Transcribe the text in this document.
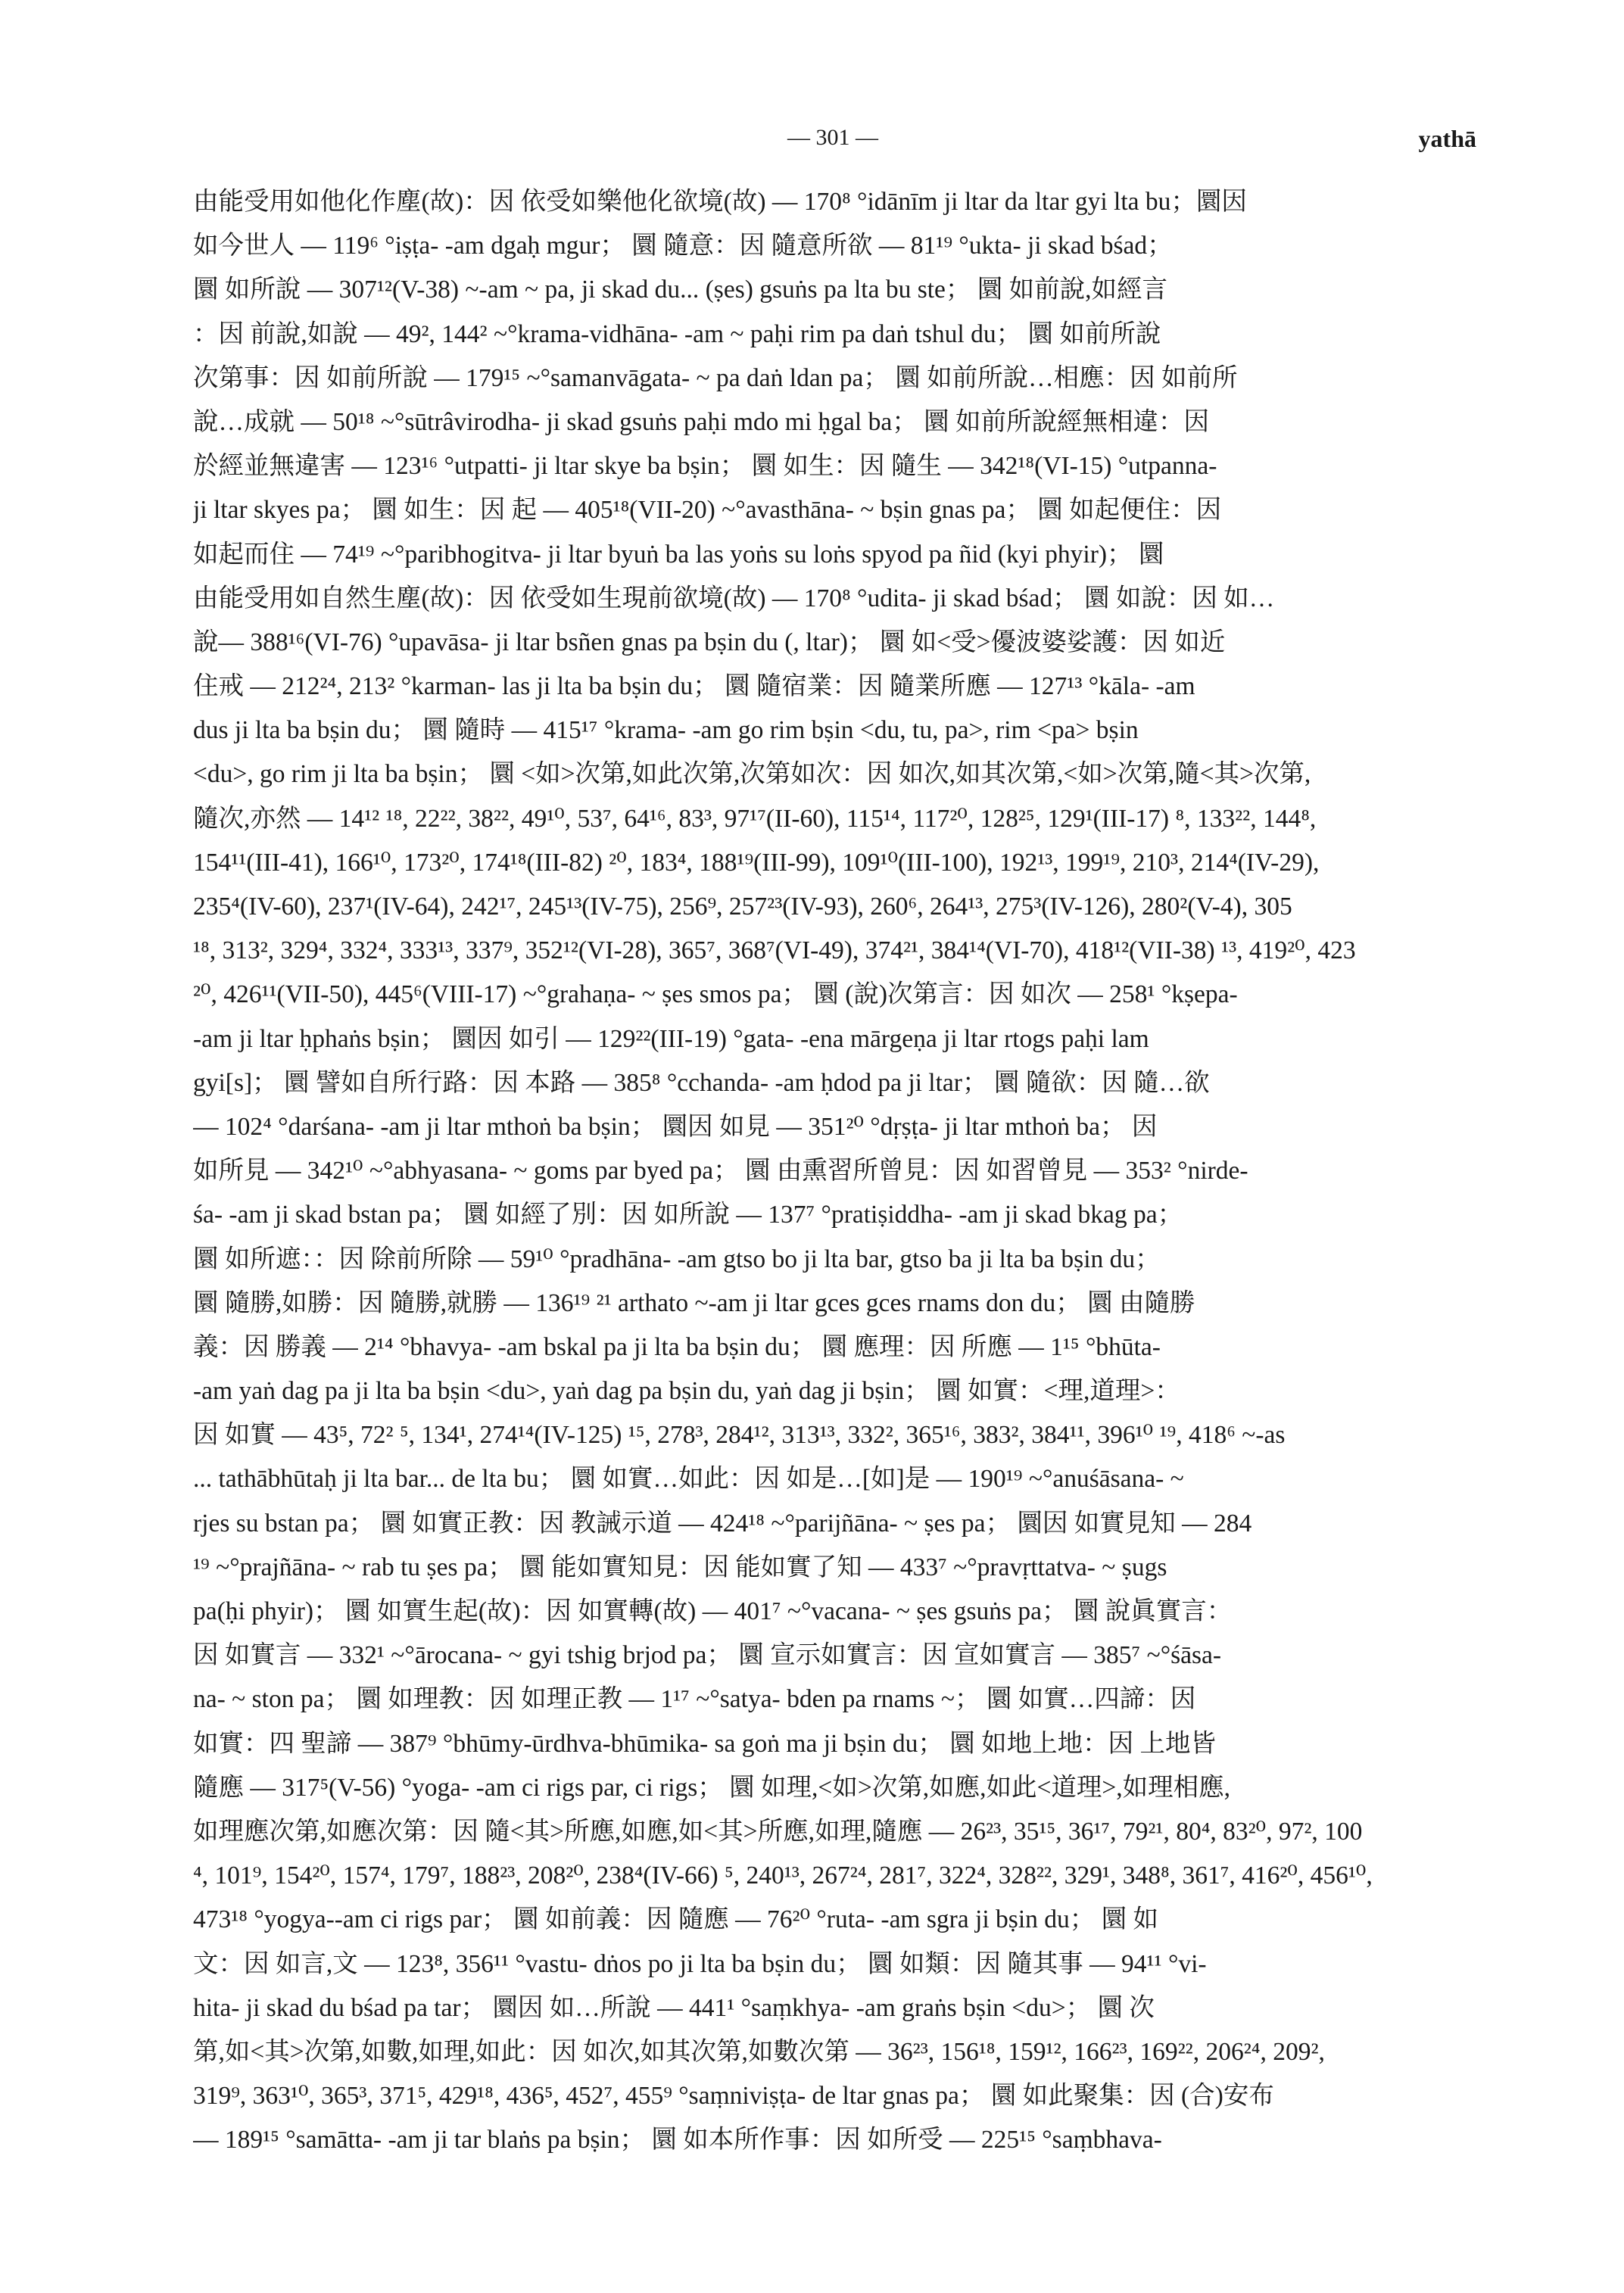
— 301 —	yathā
由能受用如他化作塵(故)：因 依受如樂他化欲境(故) — 170⁸ °idānīm ji ltar da ltar gyi lta bu；圜因
如今世人 — 119⁶ °iṣṭa- -am dgaḥ mgur； 圜 隨意：因 隨意所欲 — 81¹⁹ °ukta- ji skad bśad；
圜 如所說 — 307¹²(V-38) ~-am ~ pa, ji skad du... (ṣes) gsuṅs pa lta bu ste； 圜 如前說,如經言
：因 前說,如說 — 49², 144² ~°krama-vidhāna- -am ~ paḥi rim pa daṅ tshul du； 圜 如前所說
次第事：因 如前所說 — 179¹⁵ ~°samanvāgata- ~ pa daṅ ldan pa； 圜 如前所說…相應：因 如前所
說…成就 — 50¹⁸ ~°sūtrâvirodha- ji skad gsuṅs paḥi mdo mi ḥgal ba； 圜 如前所說經無相違：因
於經並無違害 — 123¹⁶ °utpatti- ji ltar skye ba bṣin； 圜 如生：因 隨生 — 342¹⁸(VI-15) °utpanna-
ji ltar skyes pa； 圜 如生：因 起 — 405¹⁸(VII-20) ~°avasthāna- ~ bṣin gnas pa； 圜 如起便住：因
如起而住 — 74¹⁹ ~°paribhogitva- ji ltar byuṅ ba las yoṅs su loṅs spyod pa ñid (kyi phyir)； 圜
由能受用如自然生塵(故)：因 依受如生現前欲境(故) — 170⁸ °udita- ji skad bśad； 圜 如說：因 如…
說— 388¹⁶(VI-76) °upavāsa- ji ltar bsñen gnas pa bṣin du (, ltar)； 圜 如<受>優波婆娑護：因 如近
住戒 — 212²⁴, 213² °karman- las ji lta ba bṣin du； 圜 隨宿業：因 隨業所應 — 127¹³ °kāla- -am
dus ji lta ba bṣin du； 圜 隨時 — 415¹⁷ °krama- -am go rim bṣin <du, tu, pa>, rim <pa> bṣin
<du>, go rim ji lta ba bṣin； 圜 <如>次第,如此次第,次第如次：因 如次,如其次第,<如>次第,隨<其>次第,
隨次,亦然 — 14¹² ¹⁸, 22²², 38²², 49¹⁰, 53⁷, 64¹⁶, 83³, 97¹⁷(II-60), 115¹⁴, 117²⁰, 128²⁵, 129¹(III-17) ⁸, 133²², 144⁸,
154¹¹(III-41), 166¹⁰, 173²⁰, 174¹⁸(III-82) ²⁰, 183⁴, 188¹⁹(III-99), 109¹⁰(III-100), 192¹³, 199¹⁹, 210³, 214⁴(IV-29),
235⁴(IV-60), 237¹(IV-64), 242¹⁷, 245¹³(IV-75), 256⁹, 257²³(IV-93), 260⁶, 264¹³, 275³(IV-126), 280²(V-4), 305
¹⁸, 313², 329⁴, 332⁴, 333¹³, 337⁹, 352¹²(VI-28), 365⁷, 368⁷(VI-49), 374²¹, 384¹⁴(VI-70), 418¹²(VII-38) ¹³, 419²⁰, 423
²⁰, 426¹¹(VII-50), 445⁶(VIII-17) ~°grahaṇa- ~ ṣes smos pa； 圜 (說)次第言：因 如次 — 258¹ °kṣepa-
-am ji ltar ḥphaṅs bṣin； 圜因 如引 — 129²²(III-19) °gata- -ena mārgeṇa ji ltar rtogs paḥi lam
gyi[s]； 圜 譬如自所行路：因 本路 — 385⁸ °cchanda- -am ḥdod pa ji ltar； 圜 隨欲：因 隨…欲
— 102⁴ °darśana- -am ji ltar mthoṅ ba bṣin； 圜因 如見 — 351²⁰ °dṛṣṭa- ji ltar mthoṅ ba； 因
如所見 — 342¹⁰ ~°abhyasana- ~ goms par byed pa； 圜 由熏習所曾見：因 如習曾見 — 353² °nirde-
śa- -am ji skad bstan pa； 圜 如經了別：因 如所說 — 137⁷ °pratiṣiddha- -am ji skad bkag pa；
圜 如所遮：：因 除前所除 — 59¹⁰ °pradhāna- -am gtso bo ji lta bar, gtso ba ji lta ba bṣin du；
圜 隨勝,如勝：因 隨勝,就勝 — 136¹⁹ ²¹ arthato ~-am ji ltar gces gces rnams don du； 圜 由隨勝
義：因 勝義 — 2¹⁴ °bhavya- -am bskal pa ji lta ba bṣin du； 圜 應理：因 所應 — 1¹⁵ °bhūta-
-am yaṅ dag pa ji lta ba bṣin <du>, yaṅ dag pa bṣin du, yaṅ dag ji bṣin； 圜 如實：<理,道理>：
因 如實 — 43⁵, 72² ⁵, 134¹, 274¹⁴(IV-125) ¹⁵, 278³, 284¹², 313¹³, 332², 365¹⁶, 383², 384¹¹, 396¹⁰ ¹⁹, 418⁶ ~-as
... tathābhūtaḥ ji lta bar... de lta bu； 圜 如實…如此：因 如是…[如]是 — 190¹⁹ ~°anuśāsana- ~
rjes su bstan pa； 圜 如實正教：因 教誡示道 — 424¹⁸ ~°parijñāna- ~ ṣes pa； 圜因 如實見知 — 284
¹⁹ ~°prajñāna- ~ rab tu ṣes pa； 圜 能如實知見：因 能如實了知 — 433⁷ ~°pravṛttatva- ~ ṣugs
pa(ḥi phyir)； 圜 如實生起(故)：因 如實轉(故) — 401⁷ ~°vacana- ~ ṣes gsuṅs pa； 圜 說眞實言：
因 如實言 — 332¹ ~°ārocana- ~ gyi tshig brjod pa； 圜 宣示如實言：因 宣如實言 — 385⁷ ~°śāsa-
na- ~ ston pa； 圜 如理教：因 如理正教 — 1¹⁷ ~°satya- bden pa rnams ~； 圜 如實…四諦：因
如實：四 聖諦 — 387⁹ °bhūmy-ūrdhva-bhūmika- sa goṅ ma ji bṣin du； 圜 如地上地：因 上地皆
隨應 — 317⁵(V-56) °yoga- -am ci rigs par, ci rigs； 圜 如理,<如>次第,如應,如此<道理>,如理相應,
如理應次第,如應次第：因 隨<其>所應,如應,如<其>所應,如理,隨應 — 26²³, 35¹⁵, 36¹⁷, 79²¹, 80⁴, 83²⁰, 97², 100
⁴, 101⁹, 154²⁰, 157⁴, 179⁷, 188²³, 208²⁰, 238⁴(IV-66) ⁵, 240¹³, 267²⁴, 281⁷, 322⁴, 328²², 329¹, 348⁸, 361⁷, 416²⁰, 456¹⁰,
473¹⁸ °yogya--am ci rigs par； 圜 如前義：因 隨應 — 76²⁰ °ruta- -am sgra ji bṣin du； 圜 如
文：因 如言,文 — 123⁸, 356¹¹ °vastu- dṅos po ji lta ba bṣin du； 圜 如類：因 隨其事 — 94¹¹ °vi-
hita- ji skad du bśad pa tar； 圜因 如…所說 — 441¹ °saṃkhya- -am graṅs bṣin <du>； 圜 次
第,如<其>次第,如數,如理,如此：因 如次,如其次第,如數次第 — 36²³, 156¹⁸, 159¹², 166²³, 169²², 206²⁴, 209²,
319⁹, 363¹⁰, 365³, 371⁵, 429¹⁸, 436⁵, 452⁷, 455⁹ °saṃniviṣṭa- de ltar gnas pa； 圜 如此聚集：因 (合)安布
— 189¹⁵ °samātta- -am ji tar blaṅs pa bṣin； 圜 如本所作事：因 如所受 — 225¹⁵ °saṃbhava-
